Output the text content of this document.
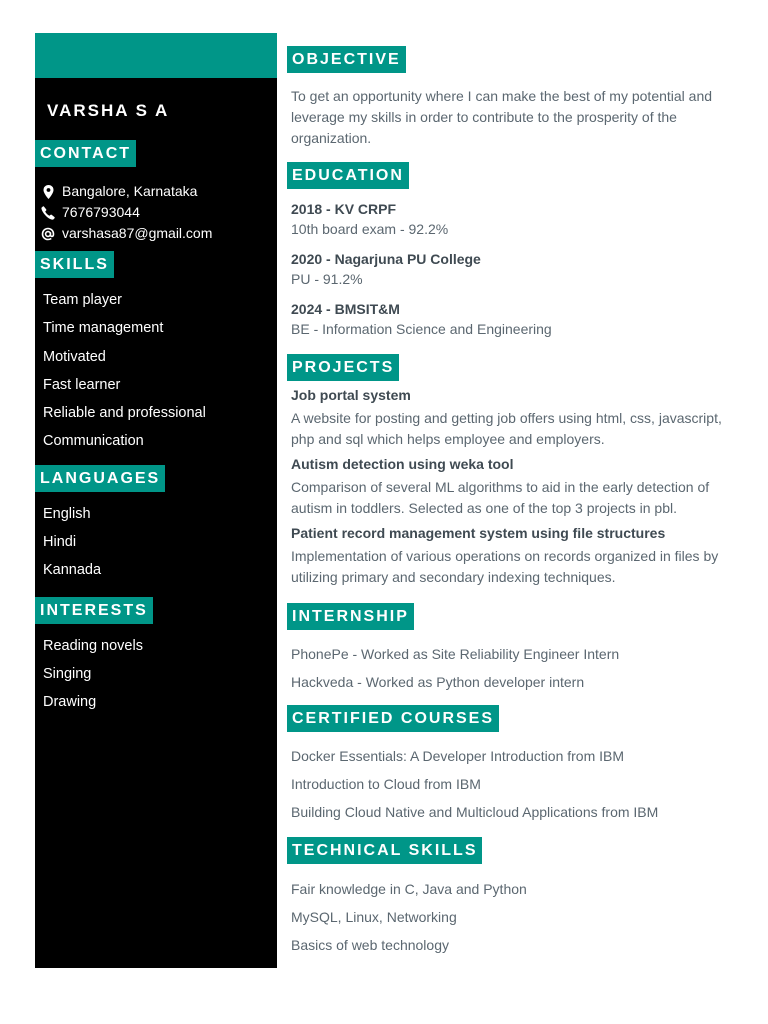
VARSHA S A
CONTACT
Bangalore, Karnataka
7676793044
varshasa87@gmail.com
SKILLS
Team player
Time management
Motivated
Fast learner
Reliable and professional
Communication
LANGUAGES
English
Hindi
Kannada
INTERESTS
Reading novels
Singing
Drawing
OBJECTIVE

To get an opportunity where I can make the best of my potential and leverage my skills in order to contribute to the prosperity of the organization.

EDUCATION
2018 - KV CRPF
10th board exam - 92.2%
2020 - Nagarjuna PU College
PU - 91.2%
2024 - BMSIT&M
BE - Information Science and Engineering
PROJECTS
Job portal system

A website for posting and getting job offers using html, css, javascript, php and sql which helps employee and employers.

Autism detection using weka tool

Comparison of several ML algorithms to aid in the early detection of autism in toddlers. Selected as one of the top 3 projects in pbl.

Patient record management system using file structures

Implementation of various operations on records organized in files by utilizing primary and secondary indexing techniques.

INTERNSHIP
PhonePe - Worked as Site Reliability Engineer Intern
Hackveda - Worked as Python developer intern
CERTIFIED COURSES
Docker Essentials: A Developer Introduction from IBM
Introduction to Cloud from IBM
Building Cloud Native and Multicloud Applications from IBM
TECHNICAL SKILLS
Fair knowledge in C, Java and Python
MySQL, Linux, Networking
Basics of web technology
